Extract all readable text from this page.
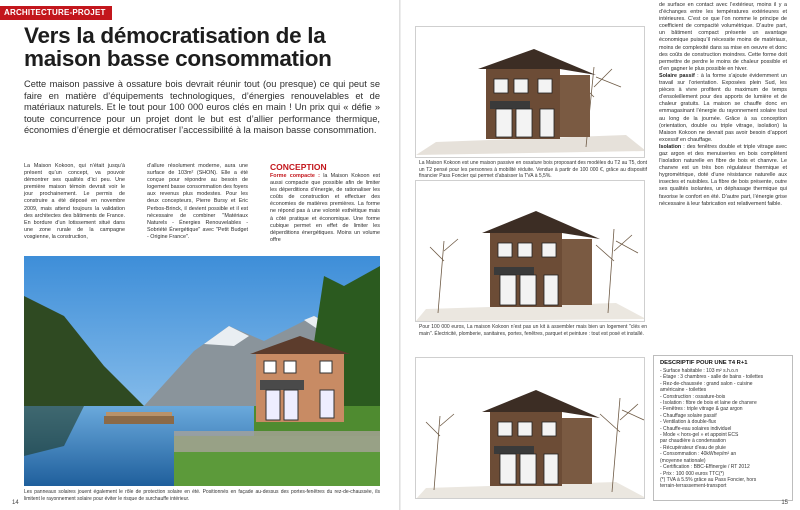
ARCHITECTURE-PROJET
Vers la démocratisation de la maison basse consommation

Cette maison passive à ossature bois devrait réunir tout (ou presque) ce qui peut se faire en matière d’équipements technologiques, d’énergies renouvelables et de matériaux naturels. Et le tout pour 100 000 euros clés en main ! Un prix qui « défie » toute concurrence pour un projet dont le but est d’allier performance thermique, économies d’énergie et démocratiser l’accessibilité à la maison basse consommation.

La Maison Kokoon, qui n’était jusqu’à présent qu’un concept, va pouvoir démontrer ses qualités d’ici peu. Une première maison témoin devrait voir le jour prochainement. Le permis de construire a été déposé en novembre 2009, mais attend toujours la validation des architectes des bâtiments de France. En bordure d’un lotissement situé dans une zone rurale de la campagne vosgienne, la construction,

d’allure résolument moderne, aura une surface de 103m² (SHON). Elle a été conçue pour répondre au besoin de logement basse consommation des foyers aux revenus plus modestes. Pour les deux concepteurs, Pierre Bursy et Eric Perbos-Brinck, il devient possible et il est nécessaire de combiner "Matériaux Naturels - Énergies Renouvelables - Sobriété Énergétique" avec "Petit Budget - Origine France".

CONCEPTION
Forme compacte : la Maison Kokoon est aussi compacte que possible afin de limiter les déperditions d’énergie, de rationaliser les coûts de construction et effectuer des économies de matières premières. La forme ne répond pas à une volonté esthétique mais à côté pratique et économique. Une forme cubique permet en effet de limiter les déperditions énergétiques. Moins un volume offre

Les panneaux solaires jouent également le rôle de protection solaire en été. Positionnés en façade au-dessus des portes-fenêtres du rez-de-chaussée, ils limitent le rayonnement solaire pour éviter le risque de surchauffe intérieur.

14

La Maison Kokoon est une maison passive en ossature bois proposant des modèles du T2 au T5, dont un T2 pensé pour les personnes à mobilité réduite. Vendue à partir de 100 000 €, grâce au dispositif financier Pass Foncier qui permet d’abaisser la TVA à 5,5%.

Pour 100 000 euros, La maison Kokoon n’est pas un kit à assembler mais bien un logement "clés en main". Électricité, plomberie, sanitaires, portes, fenêtres, parquet et peinture : tout est posé et installé.

de surface en contact avec l’extérieur, moins il y a d’échanges entre les températures extérieures et intérieures. C’est ce que l’on nomme le principe de coefficient de compacité volumétrique. D’autre part, un bâtiment compact présente un avantage économique puisqu’il nécessite moins de matériaux, moins de complexité dans sa mise en oeuvre et donc des coûts de construction moindres. Cette forme doit permettre de perdre le moins de chaleur possible et d’en gagner le plus possible en hiver.
Solaire passif : à la forme s’ajoute évidemment un travail sur l’orientation. Exposées plein Sud, les pièces à vivre profitent du maximum de temps d’ensoleillement pour des apports de lumière et de chaleur gratuits. La maison se chauffe donc en emmagasinant l’énergie du rayonnement solaire tout au long de la journée. Grâce à sa conception (orientation, double ou triple vitrage, isolation) la Maison Kokoon ne devrait pas avoir besoin d’apport excessif en chauffage.
Isolation : des fenêtres double et triple vitrage avec gaz argon et des menuiseries en bois complètent l’isolation naturelle en fibre de bois et chanvre. Le chanvre est un très bon régulateur thermique et hygrométrique, doté d’une résistance naturelle aux insectes et nuisibles. La fibre de bois présente, outre ses qualités isolantes, un déphasage thermique qui favorise le confort en été. D’autre part, l’énergie grise nécessaire à leur fabrication est relativement faible.
DESCRIPTIF POUR UNE T4 R+1
- Surface habitable : 103 m² s.h.o.n
- Étage : 3 chambres - salle de bains - toilettes
- Rez-de-chaussée : grand salon - cuisine
américaine - toilettes
- Construction : ossature-bois
- Isolation : fibre de bois et laine de chanvre
- Fenêtres : triple vitrage & gaz argon
- Chauffage solaire passif
- Ventilation à double-flux
- Chauffe-eau solaires individuel
- Mode « hors-gel » et appoint ECS
par chaudière à condensation
- Récupérateur d’eau de pluie
- Consommation : 40kWhep/m² an
(moyenne nationale)
- Certification : BBC-Effinergie / RT 2012
- Prix : 100 000 euros TTC(*)
(*) TVA à 5.5% grâce au Pass Foncier, hors
terrain-terrassement-transport
15
